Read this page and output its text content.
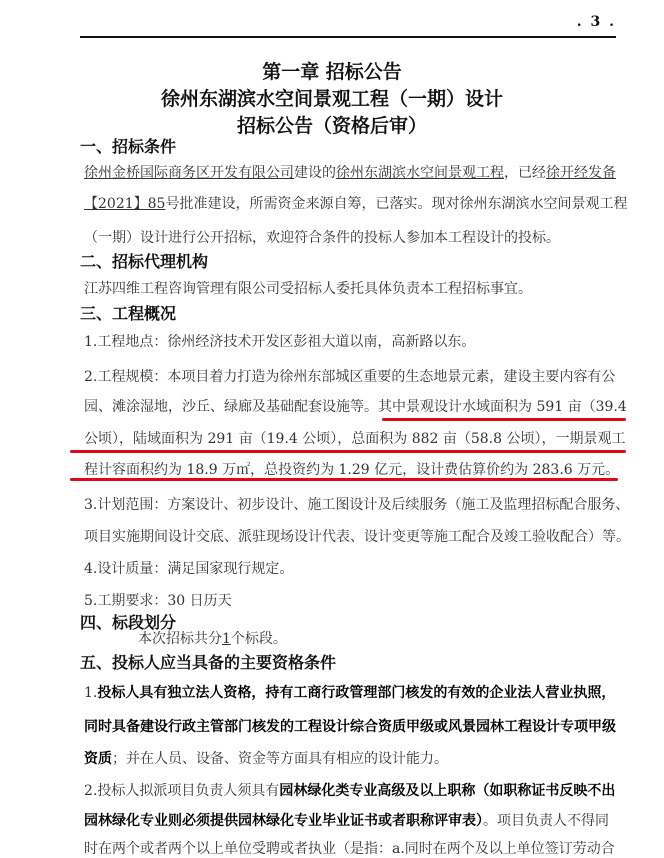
. 3 .
第一章 招标公告
徐州东湖滨水空间景观工程（一期）设计
招标公告（资格后审）
一、招标条件
徐州金桥国际商务区开发有限公司建设的徐州东湖滨水空间景观工程，已经徐开经发备
【2021】85号批准建设，所需资金来源自筹，已落实。现对徐州东湖滨水空间景观工程
（一期）设计进行公开招标，欢迎符合条件的投标人参加本工程设计的投标。
二、招标代理机构
江苏四维工程咨询管理有限公司受招标人委托具体负责本工程招标事宜。
三、工程概况
1.工程地点：徐州经济技术开发区彭祖大道以南，高新路以东。
2.工程规模：本项目着力打造为徐州东部城区重要的生态地景元素，建设主要内容有公
园、滩涂湿地，沙丘、绿廊及基础配套设施等。其中景观设计水域面积为 591 亩（39.4
公顷），陆域面积为 291 亩（19.4 公顷），总面积为 882 亩（58.8 公顷），一期景观工
程计容面积约为 18.9 万㎡，总投资约为 1.29 亿元，设计费估算价约为 283.6 万元。
3.计划范围：方案设计、初步设计、施工图设计及后续服务（施工及监理招标配合服务、
项目实施期间设计交底、派驻现场设计代表、设计变更等施工配合及竣工验收配合）等。
4.设计质量：满足国家现行规定。
5.工期要求：30 日历天
四、标段划分
本次招标共分1个标段。
五、投标人应当具备的主要资格条件
1.投标人具有独立法人资格，持有工商行政管理部门核发的有效的企业法人营业执照，
同时具备建设行政主管部门核发的工程设计综合资质甲级或风景园林工程设计专项甲级
资质；并在人员、设备、资金等方面具有相应的设计能力。
2.投标人拟派项目负责人须具有园林绿化类专业高级及以上职称（如职称证书反映不出
园林绿化专业则必须提供园林绿化专业毕业证书或者职称评审表）。项目负责人不得同
时在两个或者两个以上单位受聘或者执业（是指：a.同时在两个及以上单位签订劳动合
